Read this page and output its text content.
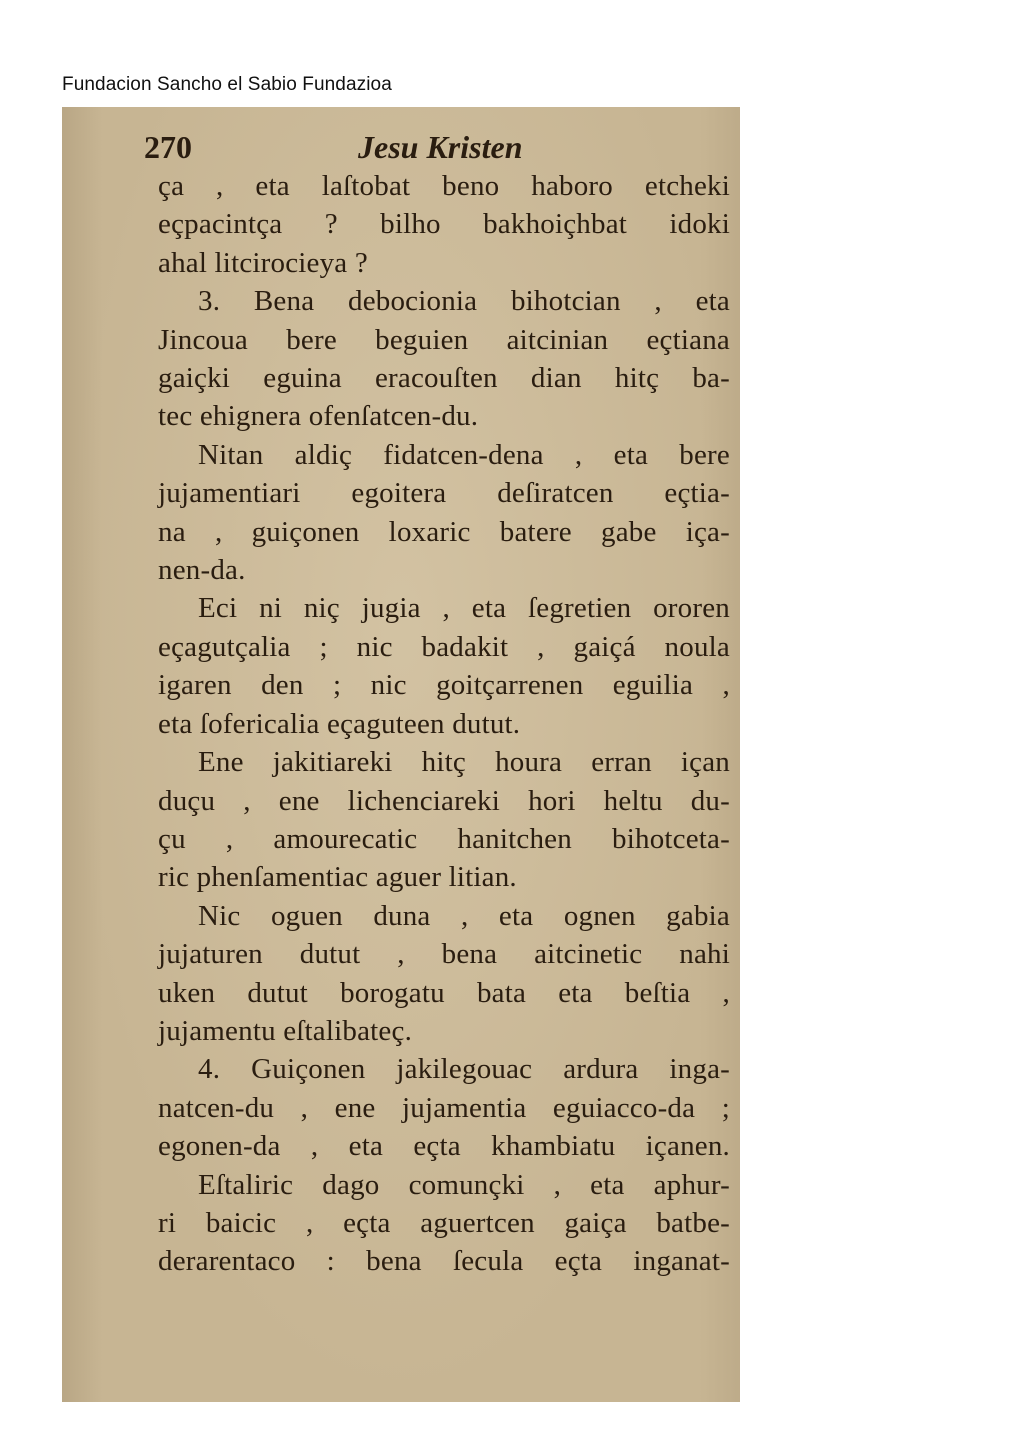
Fundacion Sancho el Sabio Fundazioa
270	Jesu Kristen
ça , eta laſtobat beno haboro etcheki
eçpacintça ? bilho bakhoiçhbat idoki
ahal litcirocieya ?
3. Bena debocionia bihotcian , eta
Jincoua bere beguien aitcinian eçtiana
gaiçki eguina eracouſten dian hitç ba-
tec ehignera ofenſatcen-du.
Nitan aldiç fidatcen-dena , eta bere
jujamentiari egoitera deſiratcen eçtia-
na , guiçonen loxaric batere gabe iça-
nen-da.
Eci ni niç jugia , eta ſegretien ororen
eçagutçalia ; nic badakit , gaiçá noula
igaren den ; nic goitçarrenen eguilia ,
eta ſofericalia eçaguteen dutut.
Ene jakitiareki hitç houra erran içan
duçu , ene lichenciareki hori heltu du-
çu , amourecatic hanitchen bihotceta-
ric phenſamentiac aguer litian.
Nic oguen duna , eta ognen gabia
jujaturen dutut , bena aitcinetic nahi
uken dutut borogatu bata eta beſtia ,
jujamentu eſtalibateç.
4. Guiçonen jakilegouac ardura inga-
natcen-du , ene jujamentia eguiacco-da ;
egonen-da , eta eçta khambiatu içanen.
Eſtaliric dago comunçki , eta aphur-
ri baicic , eçta aguertcen gaiça batbe-
derarentaco : bena ſecula eçta inganat-
